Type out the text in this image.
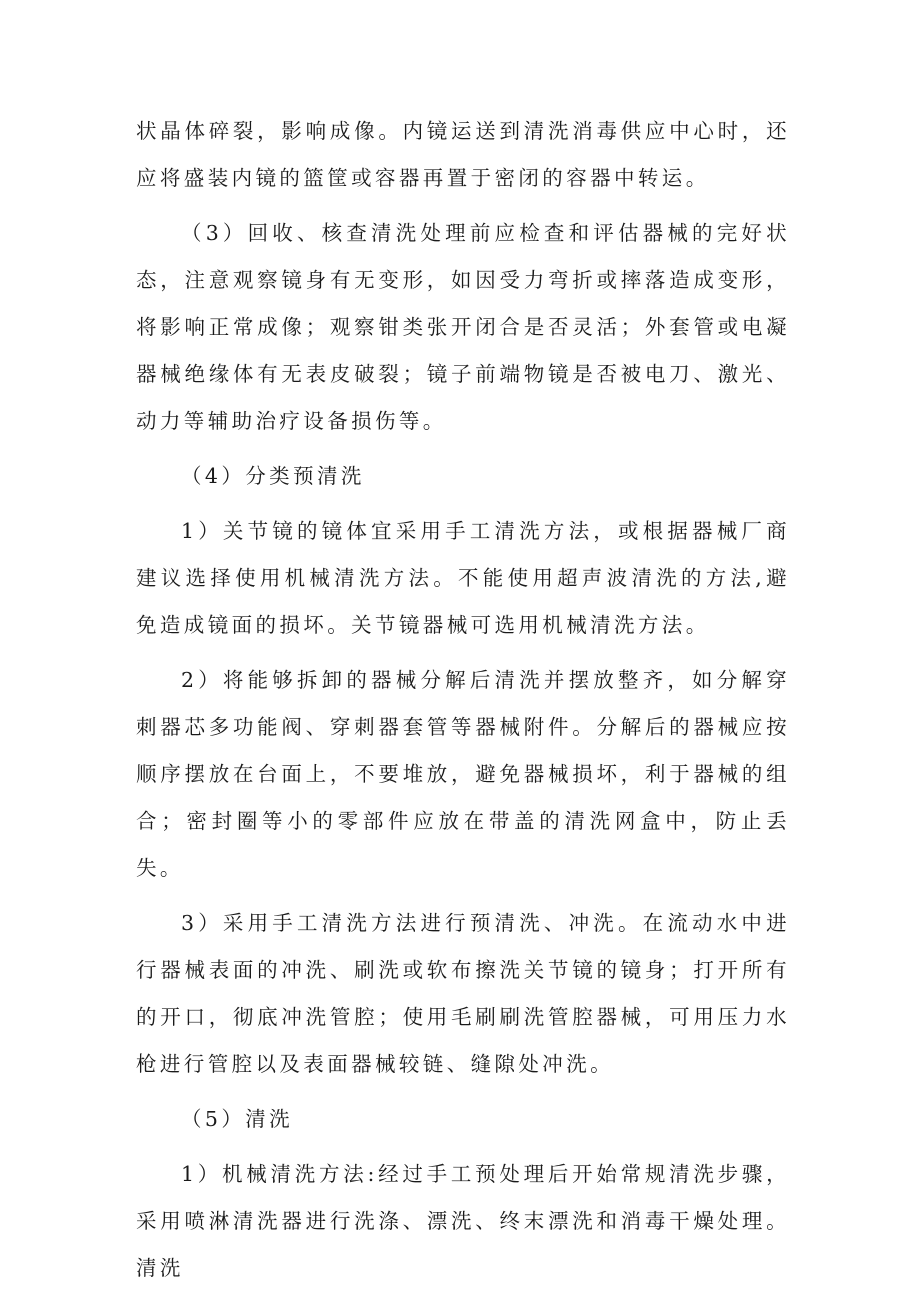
状晶体碎裂，影响成像。内镜运送到清洗消毒供应中心时，还应将盛装内镜的篮筐或容器再置于密闭的容器中转运。

（3）回收、核查清洗处理前应检查和评估器械的完好状态，注意观察镜身有无变形，如因受力弯折或摔落造成变形，将影响正常成像；观察钳类张开闭合是否灵活；外套管或电凝器械绝缘体有无表皮破裂；镜子前端物镜是否被电刀、激光、动力等辅助治疗设备损伤等。

（4）分类预清洗

1）关节镜的镜体宜采用手工清洗方法，或根据器械厂商建议选择使用机械清洗方法。不能使用超声波清洗的方法,避免造成镜面的损坏。关节镜器械可选用机械清洗方法。

2）将能够拆卸的器械分解后清洗并摆放整齐，如分解穿刺器芯多功能阀、穿刺器套管等器械附件。分解后的器械应按顺序摆放在台面上，不要堆放，避免器械损坏，利于器械的组合；密封圈等小的零部件应放在带盖的清洗网盒中，防止丢失。

3）采用手工清洗方法进行预清洗、冲洗。在流动水中进行器械表面的冲洗、刷洗或软布擦洗关节镜的镜身；打开所有的开口，彻底冲洗管腔；使用毛刷刷洗管腔器械，可用压力水枪进行管腔以及表面器械较链、缝隙处冲洗。

（5）清洗

1）机械清洗方法:经过手工预处理后开始常规清洗步骤，采用喷淋清洗器进行洗涤、漂洗、终末漂洗和消毒干燥处理。清洗
